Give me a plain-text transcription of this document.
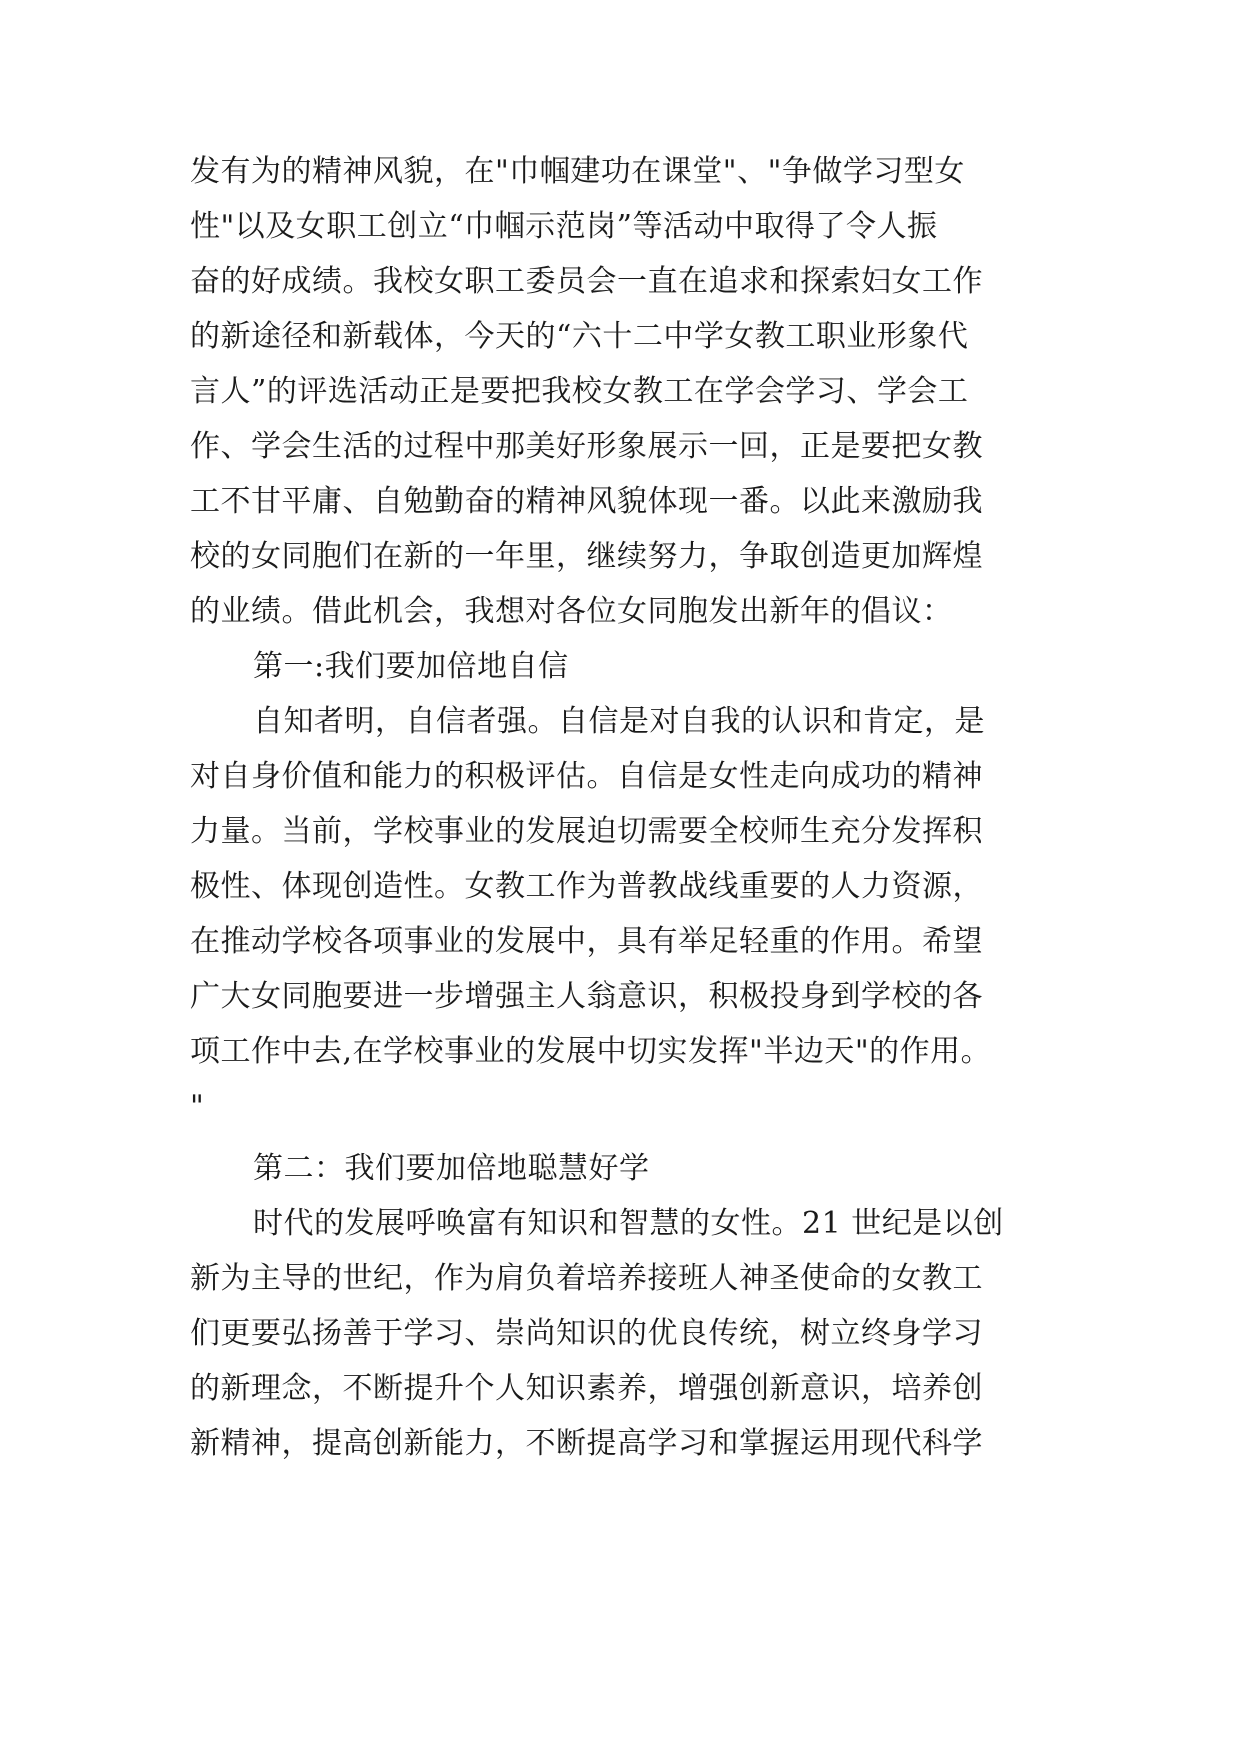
发有为的精神风貌，在"巾帼建功在课堂"、"争做学习型女
性"以及女职工创立“巾帼示范岗”等活动中取得了令人振
奋的好成绩。我校女职工委员会一直在追求和探索妇女工作
的新途径和新载体，今天的“六十二中学女教工职业形象代
言人”的评选活动正是要把我校女教工在学会学习、学会工
作、学会生活的过程中那美好形象展示一回，正是要把女教
工不甘平庸、自勉勤奋的精神风貌体现一番。以此来激励我
校的女同胞们在新的一年里，继续努力，争取创造更加辉煌
的业绩。借此机会，我想对各位女同胞发出新年的倡议：
第一:我们要加倍地自信
自知者明，自信者强。自信是对自我的认识和肯定，是
对自身价值和能力的积极评估。自信是女性走向成功的精神
力量。当前，学校事业的发展迫切需要全校师生充分发挥积
极性、体现创造性。女教工作为普教战线重要的人力资源，
在推动学校各项事业的发展中，具有举足轻重的作用。希望
广大女同胞要进一步增强主人翁意识，积极投身到学校的各
项工作中去,在学校事业的发展中切实发挥"半边天"的作用。
"
第二：我们要加倍地聪慧好学
时代的发展呼唤富有知识和智慧的女性。21 世纪是以创
新为主导的世纪，作为肩负着培养接班人神圣使命的女教工
们更要弘扬善于学习、崇尚知识的优良传统，树立终身学习
的新理念，不断提升个人知识素养，增强创新意识，培养创
新精神，提高创新能力，不断提高学习和掌握运用现代科学
